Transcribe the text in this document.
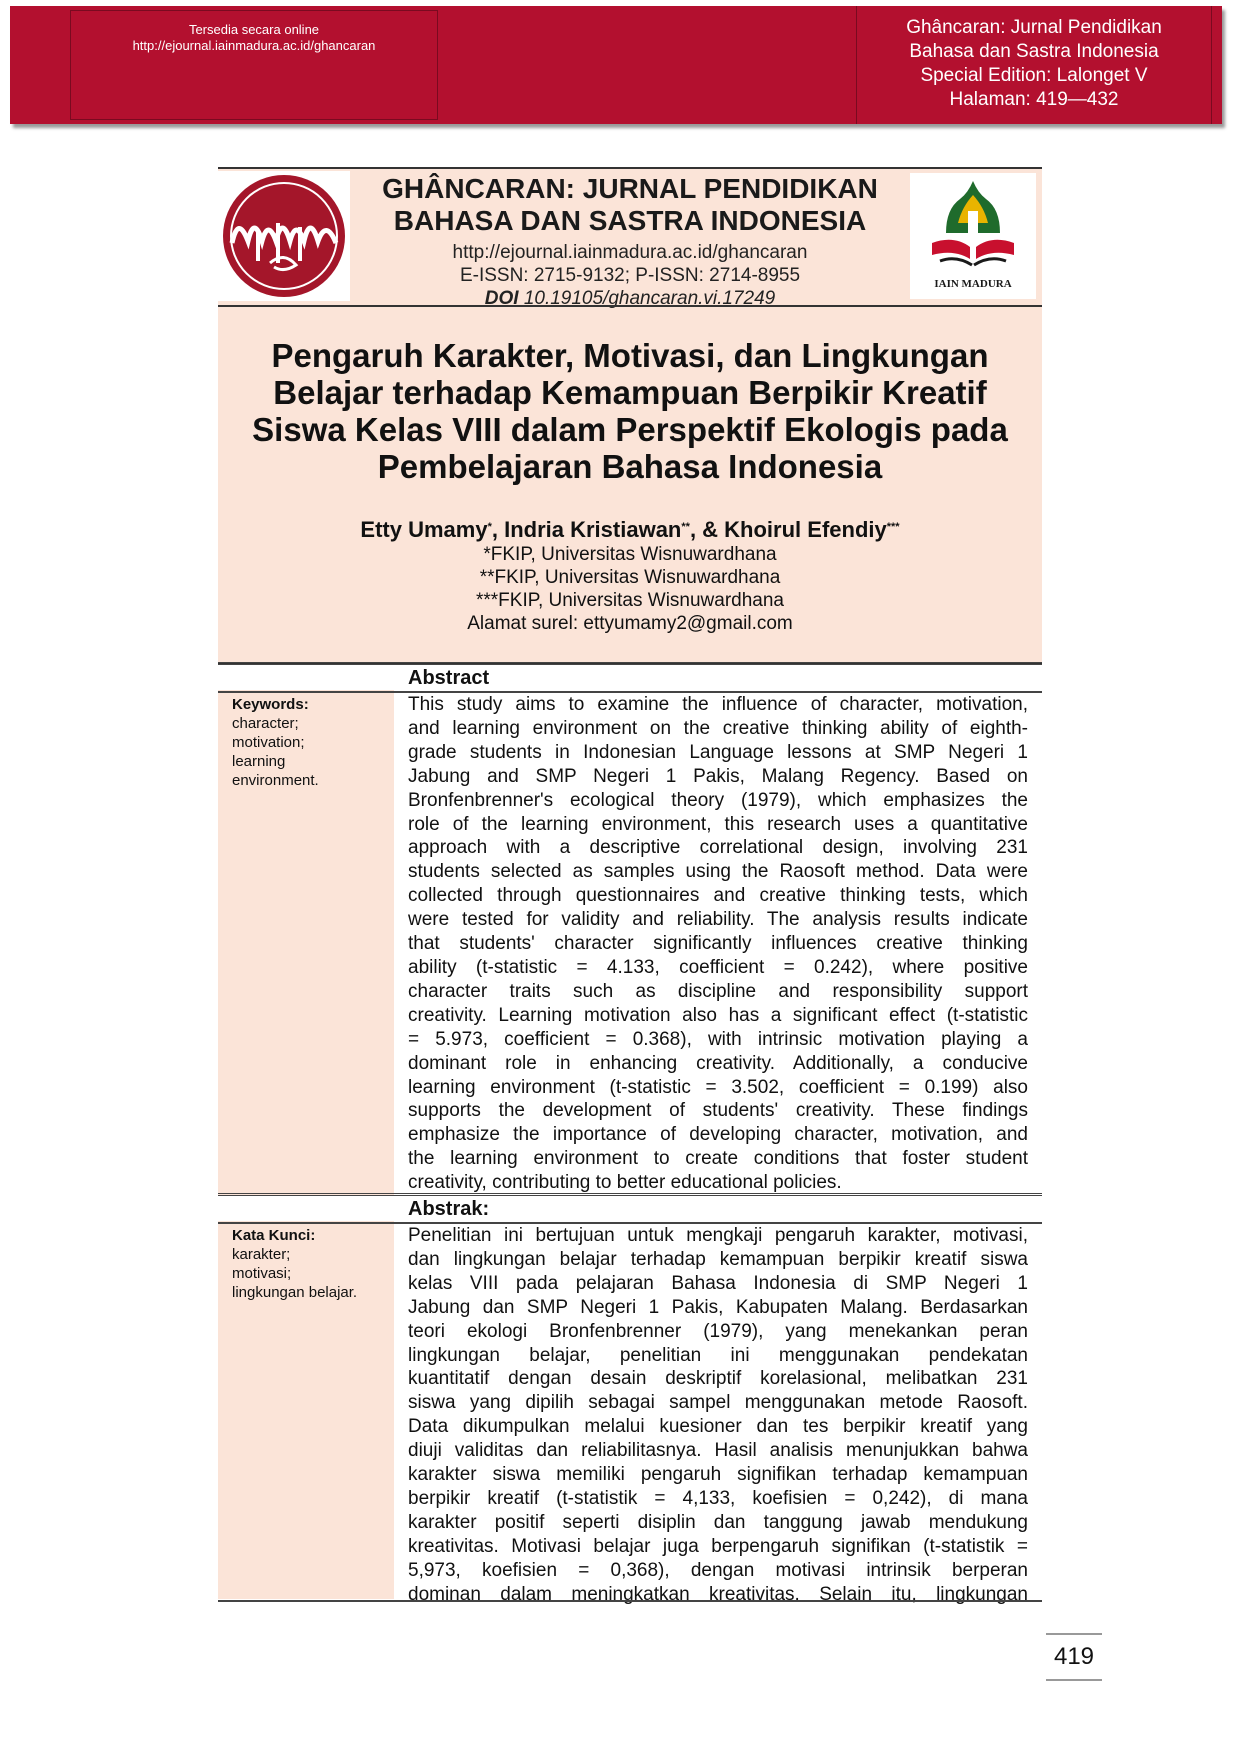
Tersedia secara online
http://ejournal.iainmadura.ac.id/ghancaran
Ghâncaran: Jurnal Pendidikan
Bahasa dan Sastra Indonesia
Special Edition: Lalonget V
Halaman: 419—432
GHÂNCARAN: JURNAL PENDIDIKAN
BAHASA DAN SASTRA INDONESIA
http://ejournal.iainmadura.ac.id/ghancaran
E-ISSN: 2715-9132; P-ISSN: 2714-8955
DOI 10.19105/ghancaran.vi.17249
IAIN MADURA
Pengaruh Karakter, Motivasi, dan Lingkungan
Belajar terhadap Kemampuan Berpikir Kreatif
Siswa Kelas VIII dalam Perspektif Ekologis pada
Pembelajaran Bahasa Indonesia
Etty Umamy*, Indria Kristiawan**, & Khoirul Efendiy***
*FKIP, Universitas Wisnuwardhana
**FKIP, Universitas Wisnuwardhana
***FKIP, Universitas Wisnuwardhana
Alamat surel: ettyumamy2@gmail.com
Abstract
Keywords:
character;
motivation;
learning
environment.
This study aims to examine the influence of character, motivation,
and learning environment on the creative thinking ability of eighth-
grade students in Indonesian Language lessons at SMP Negeri 1
Jabung and SMP Negeri 1 Pakis, Malang Regency. Based on
Bronfenbrenner's ecological theory (1979), which emphasizes the
role of the learning environment, this research uses a quantitative
approach with a descriptive correlational design, involving 231
students selected as samples using the Raosoft method. Data were
collected through questionnaires and creative thinking tests, which
were tested for validity and reliability. The analysis results indicate
that students' character significantly influences creative thinking
ability (t-statistic = 4.133, coefficient = 0.242), where positive
character traits such as discipline and responsibility support
creativity. Learning motivation also has a significant effect (t-statistic
= 5.973, coefficient = 0.368), with intrinsic motivation playing a
dominant role in enhancing creativity. Additionally, a conducive
learning environment (t-statistic = 3.502, coefficient = 0.199) also
supports the development of students' creativity. These findings
emphasize the importance of developing character, motivation, and
the learning environment to create conditions that foster student
creativity, contributing to better educational policies.
Abstrak:
Kata Kunci:
karakter;
motivasi;
lingkungan belajar.
Penelitian ini bertujuan untuk mengkaji pengaruh karakter, motivasi,
dan lingkungan belajar terhadap kemampuan berpikir kreatif siswa
kelas VIII pada pelajaran Bahasa Indonesia di SMP Negeri 1
Jabung dan SMP Negeri 1 Pakis, Kabupaten Malang. Berdasarkan
teori ekologi Bronfenbrenner (1979), yang menekankan peran
lingkungan belajar, penelitian ini menggunakan pendekatan
kuantitatif dengan desain deskriptif korelasional, melibatkan 231
siswa yang dipilih sebagai sampel menggunakan metode Raosoft.
Data dikumpulkan melalui kuesioner dan tes berpikir kreatif yang
diuji validitas dan reliabilitasnya. Hasil analisis menunjukkan bahwa
karakter siswa memiliki pengaruh signifikan terhadap kemampuan
berpikir kreatif (t-statistik = 4,133, koefisien = 0,242), di mana
karakter positif seperti disiplin dan tanggung jawab mendukung
kreativitas. Motivasi belajar juga berpengaruh signifikan (t-statistik =
5,973, koefisien = 0,368), dengan motivasi intrinsik berperan
dominan dalam meningkatkan kreativitas. Selain itu, lingkungan
419
